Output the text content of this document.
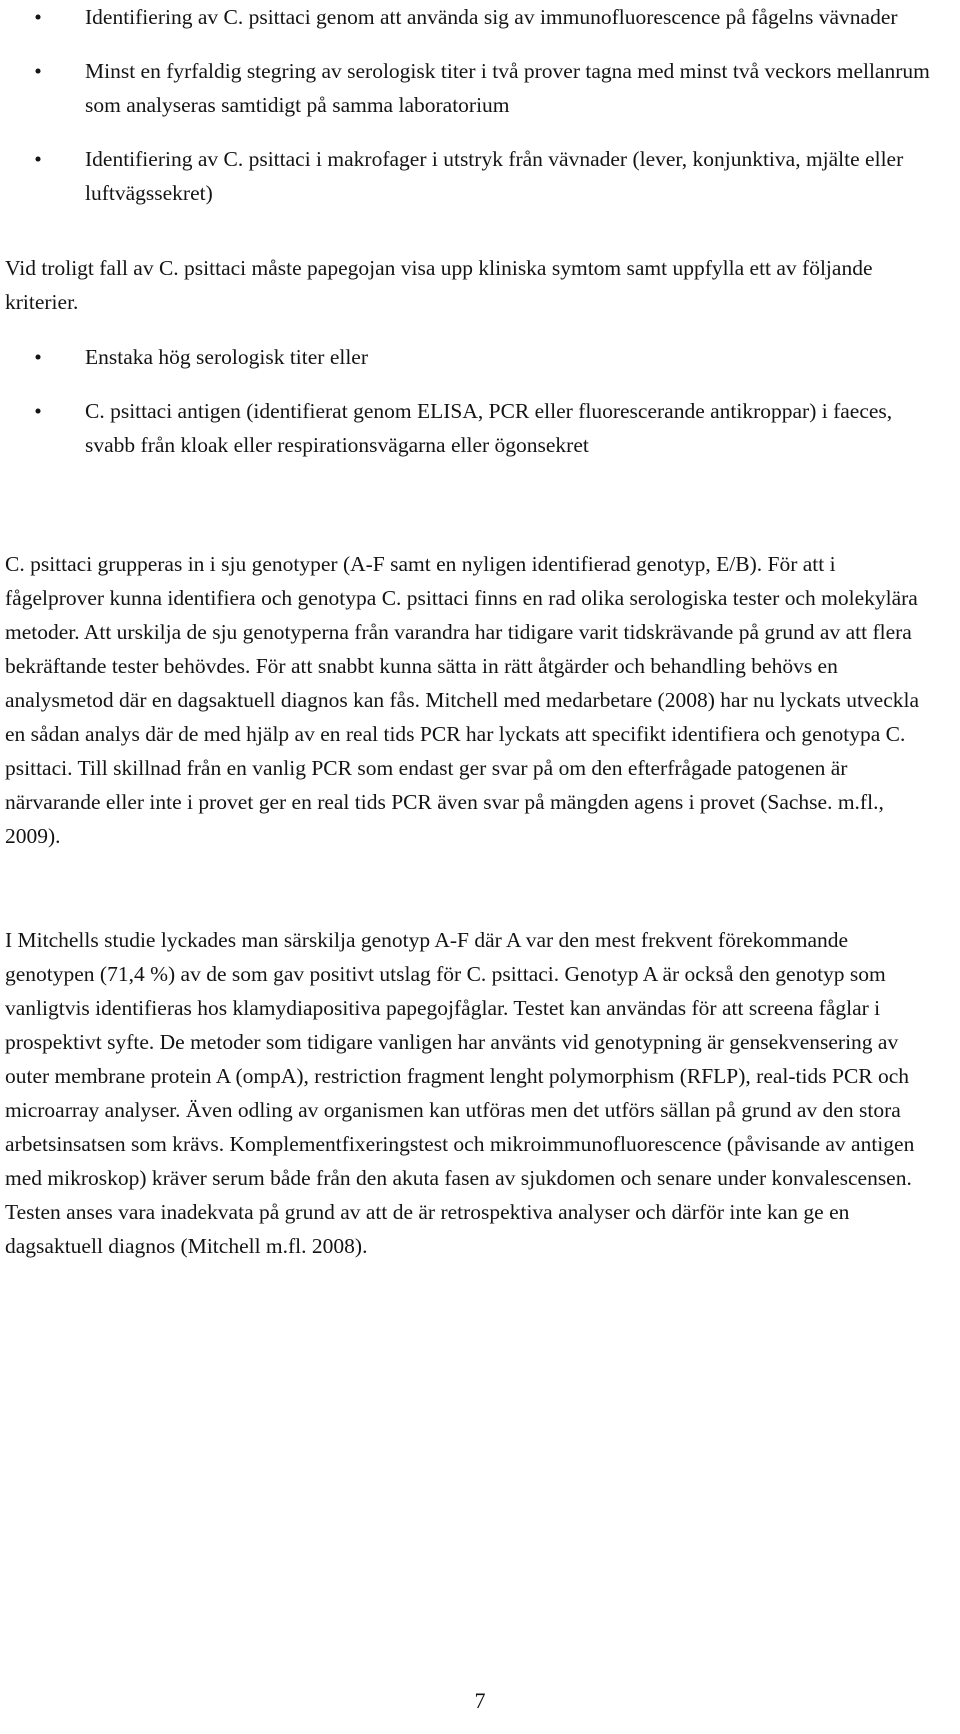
•	Identifiering av C. psittaci genom att använda sig av immunofluorescence på fågelns vävnader
•	Minst en fyrfaldig stegring av serologisk titer i två prover tagna med minst två veckors mellanrum som analyseras samtidigt på samma laboratorium
•	Identifiering av C. psittaci i makrofager i utstryk från vävnader (lever, konjunktiva, mjälte eller luftvägssekret)

Vid troligt fall av C. psittaci måste papegojan visa upp kliniska symtom samt uppfylla ett av följande kriterier.

•	Enstaka hög serologisk titer eller
•	C. psittaci antigen (identifierat genom ELISA, PCR eller fluorescerande antikroppar) i faeces, svabb från kloak eller respirationsvägarna eller ögonsekret

C. psittaci grupperas in i sju genotyper (A-F samt en nyligen identifierad genotyp, E/B). För att i fågelprover kunna identifiera och genotypa C. psittaci finns en rad olika serologiska tester och molekylära metoder. Att urskilja de sju genotyperna från varandra har tidigare varit tidskrävande på grund av att flera bekräftande tester behövdes. För att snabbt kunna sätta in rätt åtgärder och behandling behövs en analysmetod där en dagsaktuell diagnos kan fås. Mitchell med medarbetare (2008) har nu lyckats utveckla en sådan analys där de med hjälp av en real tids PCR har lyckats att specifikt identifiera och genotypa C. psittaci. Till skillnad från en vanlig PCR som endast ger svar på om den efterfrågade patogenen är närvarande eller inte i provet ger en real tids PCR även svar på mängden agens i provet (Sachse. m.fl., 2009).

I Mitchells studie lyckades man särskilja genotyp A-F där A var den mest frekvent förekommande genotypen (71,4 %) av de som gav positivt utslag för C. psittaci. Genotyp A är också den genotyp som vanligtvis identifieras hos klamydiapositiva papegojfåglar. Testet kan användas för att screena fåglar i prospektivt syfte. De metoder som tidigare vanligen har använts vid genotypning är gensekvensering av outer membrane protein A (ompA), restriction fragment lenght polymorphism (RFLP), real-tids PCR och microarray analyser. Även odling av organismen kan utföras men det utförs sällan på grund av den stora arbetsinsatsen som krävs. Komplementfixeringstest och mikroimmunofluorescence (påvisande av antigen med mikroskop) kräver serum både från den akuta fasen av sjukdomen och senare under konvalescensen. Testen anses vara inadekvata på grund av att de är retrospektiva analyser och därför inte kan ge en dagsaktuell diagnos (Mitchell m.fl. 2008).

7
